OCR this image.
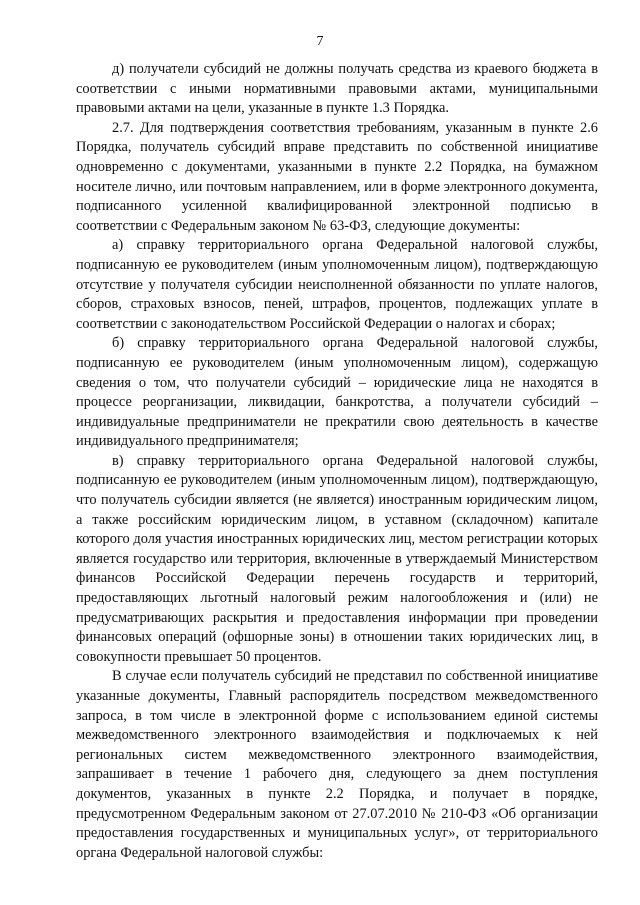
7

д) получатели субсидий не должны получать средства из краевого бюджета в соответствии с иными нормативными правовыми актами, муниципальными правовыми актами на цели, указанные в пункте 1.3 Порядка.

2.7. Для подтверждения соответствия требованиям, указанным в пункте 2.6 Порядка, получатель субсидий вправе представить по собственной инициативе одновременно с документами, указанными в пункте 2.2 Порядка, на бумажном носителе лично, или почтовым направлением, или в форме электронного документа, подписанного усиленной квалифицированной электронной подписью в соответствии с Федеральным законом № 63-ФЗ, следующие документы:

а) справку территориального органа Федеральной налоговой службы, подписанную ее руководителем (иным уполномоченным лицом), подтверждающую отсутствие у получателя субсидии неисполненной обязанности по уплате налогов, сборов, страховых взносов, пеней, штрафов, процентов, подлежащих уплате в соответствии с законодательством Российской Федерации о налогах и сборах;

б) справку территориального органа Федеральной налоговой службы, подписанную ее руководителем (иным уполномоченным лицом), содержащую сведения о том, что получатели субсидий – юридические лица не находятся в процессе реорганизации, ликвидации, банкротства, а получатели субсидий – индивидуальные предприниматели не прекратили свою деятельность в качестве индивидуального предпринимателя;

в) справку территориального органа Федеральной налоговой службы, подписанную ее руководителем (иным уполномоченным лицом), подтверждающую, что получатель субсидии является (не является) иностранным юридическим лицом, а также российским юридическим лицом, в уставном (складочном) капитале которого доля участия иностранных юридических лиц, местом регистрации которых является государство или территория, включенные в утверждаемый Министерством финансов Российской Федерации перечень государств и территорий, предоставляющих льготный налоговый режим налогообложения и (или) не предусматривающих раскрытия и предоставления информации при проведении финансовых операций (офшорные зоны) в отношении таких юридических лиц, в совокупности превышает 50 процентов.

В случае если получатель субсидий не представил по собственной инициативе указанные документы, Главный распорядитель посредством межведомственного запроса, в том числе в электронной форме с использованием единой системы межведомственного электронного взаимодействия и подключаемых к ней региональных систем межведомственного электронного взаимодействия, запрашивает в течение 1 рабочего дня, следующего за днем поступления документов, указанных в пункте 2.2 Порядка, и получает в порядке, предусмотренном Федеральным законом от 27.07.2010 № 210-ФЗ «Об организации предоставления государственных и муниципальных услуг», от территориального органа Федеральной налоговой службы:
